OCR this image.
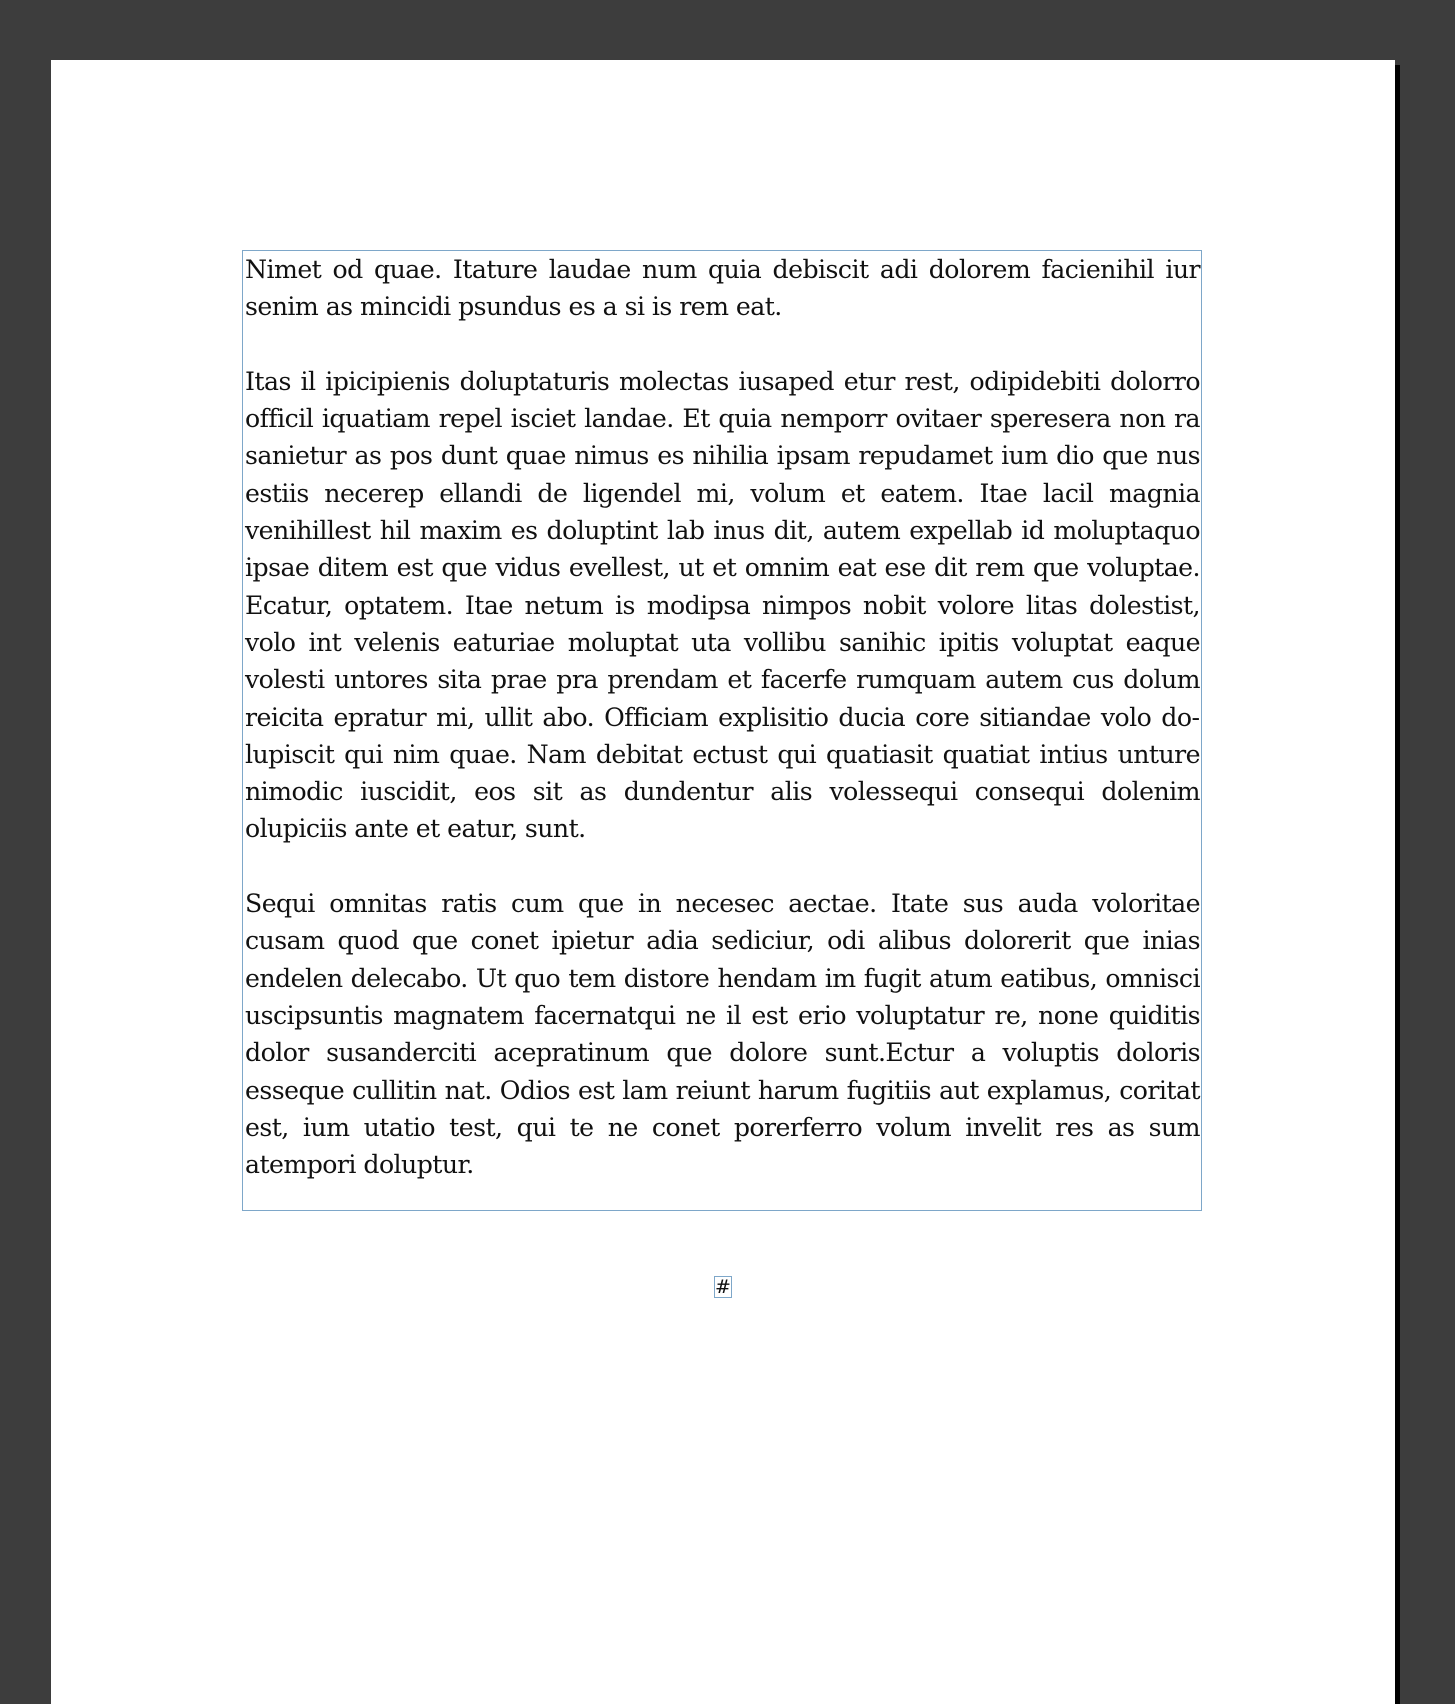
Nimet od quae. Itature laudae num quia debiscit adi dolorem facienihil iur senim as mincidi psundus es a si is rem eat.

Itas il ipicipienis doluptaturis molectas iusaped etur rest, odipidebiti dolorro officil iquatiam repel isciet landae. Et quia nemporr ovitaer speresera non ra sanietur as pos dunt quae nimus es nihilia ipsam repudamet ium dio que nus estiis necerep ellandi de ligendel mi, volum et eatem. Itae lacil magnia venihillest hil maxim es doluptint lab inus dit, autem expellab id moluptaquo ipsae ditem est que vidus evellest, ut et omnim eat ese dit rem que voluptae. Ecatur, optatem. Itae netum is modipsa nimpos nobit volore litas dolestist, volo int velenis eaturiae moluptat uta vollibu sanihic ipitis voluptat eaque volesti untores sita prae pra prendam et facerfe rumquam autem cus dolum reicita epratur mi, ullit abo. Officiam explisitio ducia core sitiandae volo dolupiscit qui nim quae. Nam debitat ectust qui quatiasit quatiat intius unture nimodic iuscidit, eos sit as dundentur alis volessequi consequi dolenim olupiciis ante et eatur, sunt.

Sequi omnitas ratis cum que in necesec aectae. Itate sus auda voloritae cusam quod que conet ipietur adia sediciur, odi alibus dolorerit que inias endelen delecabo. Ut quo tem distore hendam im fugit atum eatibus, omnisci uscipsuntis magnatem facernatqui ne il est erio voluptatur re, none quiditis dolor susanderciti acepratinum que dolore sunt.Ectur a voluptis doloris esseque cullitin nat. Odios est lam reiunt harum fugitiis aut explamus, coritat est, ium utatio test, qui te ne conet porerferro volum invelit res as sum atempori doluptur.

#
